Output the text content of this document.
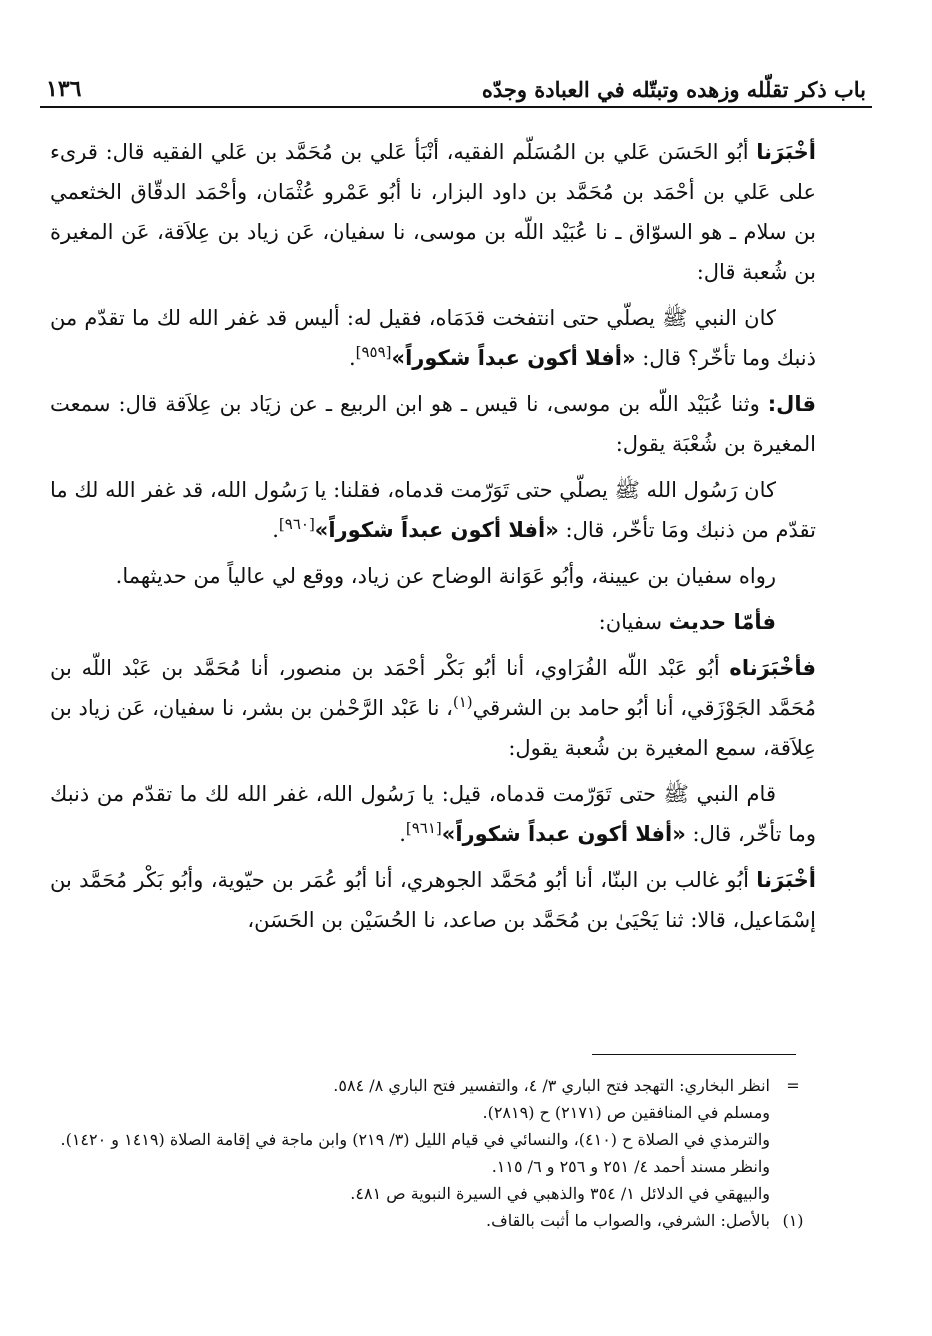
باب ذكر تقلّله وزهده وتبتّله في العبادة وجدّه
١٣٦

أخْبَرَنا أبُو الحَسَن عَلي بن المُسَلّم الفقيه، أنْبَأ عَلي بن مُحَمَّد بن عَلي الفقيه قال: قرىء على عَلي بن أحْمَد بن مُحَمَّد بن داود البزار، نا أبُو عَمْرو عُثْمَان، وأحْمَد الدقّاق الخثعمي بن سلام ـ هو السوّاق ـ نا عُبَيْد اللّه بن موسى، نا سفيان، عَن زياد بن عِلاَقة، عَن المغيرة بن شُعبة قال:

كان النبي ﷺ يصلّي حتى انتفخت قدَمَاه، فقيل له: أليس قد غفر الله لك ما تقدّم من ذنبك وما تأخّر؟ قال: «أفلا أكون عبداً شكوراً»[٩٥٩].

قال: وثنا عُبَيْد اللّه بن موسى، نا قيس ـ هو ابن الربيع ـ عن زيَاد بن عِلاَقة قال: سمعت المغيرة بن شُعْبَة يقول:

كان رَسُول الله ﷺ يصلّي حتى تَوَرّمت قدماه، فقلنا: يا رَسُول الله، قد غفر الله لك ما تقدّم من ذنبك ومَا تأخّر، قال: «أفلا أكون عبداً شكوراً»[٩٦٠].

رواه سفيان بن عيينة، وأبُو عَوَانة الوضاح عن زياد، ووقع لي عالياً من حديثهما.

فأمّا حديث سفيان:

فأخْبَرَناه أبُو عَبْد اللّه الفُرَاوي، أنا أبُو بَكْر أحْمَد بن منصور، أنا مُحَمَّد بن عَبْد اللّه بن مُحَمَّد الجَوْزَقي، أنا أبُو حامد بن الشرقي$^{(١)}$، نا عَبْد الرَّحْمٰن بن بشر، نا سفيان، عَن زياد بن عِلاَقة، سمع المغيرة بن شُعبة يقول:

قام النبي ﷺ حتى تَوَرّمت قدماه، قيل: يا رَسُول الله، غفر الله لك ما تقدّم من ذنبك وما تأخّر، قال: «أفلا أكون عبداً شكوراً»[٩٦١].

أخْبَرَنا أبُو غالب بن البنّا، أنا أبُو مُحَمَّد الجوهري، أنا أبُو عُمَر بن حيّوية، وأبُو بَكْر مُحَمَّد بن إسْمَاعيل، قالا: ثنا يَحْيَىٰ بن مُحَمَّد بن صاعد، نا الحُسَيْن بن الحَسَن،

=
انظر البخاري: التهجد فتح الباري ٣/ ٤، والتفسير فتح الباري ٨/ ٥٨٤.
ومسلم في المنافقين ص (٢١٧١) ح (٢٨١٩).
والترمذي في الصلاة ح (٤١٠)، والنسائي في قيام الليل (٣/ ٢١٩) وابن ماجة في إقامة الصلاة (١٤١٩ و ١٤٢٠).
وانظر مسند أحمد ٤/ ٢٥١ و ٢٥٦ و ٦/ ١١٥.
والبيهقي في الدلائل ١/ ٣٥٤ والذهبي في السيرة النبوية ص ٤٨١.
(١)
بالأصل: الشرفي، والصواب ما أثبت بالقاف.
